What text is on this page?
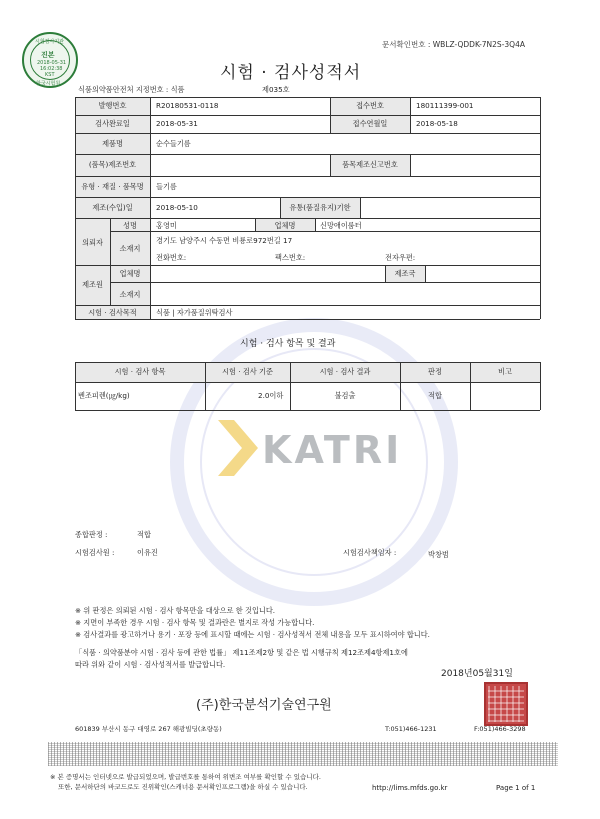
KATRI
시험검사기관
진본
2018-05-31
16:02:38
KST
한국시험원
문서확인번호 : WBLZ-QDDK-7N2S-3Q4A
시험 · 검사성적서
식품의약품안전처 지정번호 : 식품	제035호
발행번호	R20180531-0118	접수번호	180111399-001
검사완료일	2018-05-31	접수연월일	2018-05-18
제품명	순수들기름
(품목)제조번호	품목제조신고번호
유형 · 재질 · 품목명	들기름
제조(수입)일	2018-05-10	유통(품질유지)기한
의뢰자
성명	홍영미	업체명	신망애이룸터
소재지
경기도 남양주시 수동면 비룡로972번길 17
전화번호:	팩스번호:	전자우편:
제조원
업체명	제조국
소재지
시험 · 검사목적	식품 | 자가품질위탁검사
시험 · 검사 항목 및 결과
시험 · 검사 항목	시험 · 검사 기준	시험 · 검사 결과	판정	비고
벤조피렌(㎍/kg)	2.0이하	불검출	적합
종합판정 :	적합
시험검사원 :	이유진	시험검사책임자 :	박창범
※ 위 판정은 의뢰된 시험 · 검사 항목만을 대상으로 한 것입니다.
※ 지면이 부족한 경우 시험 · 검사 항목 및 결과란은 별지로 작성 가능합니다.
※ 검사결과를 광고하거나 용기 · 포장 등에 표시할 때에는 시험 · 검사성적서 전체 내용을 모두 표시하여야 합니다.
「식품 · 의약품분야 시험 · 검사 등에 관한 법률」 제11조제2항 및 같은 법 시행규칙 제12조제4항제1호에
따라 위와 같이 시험 · 검사성적서를 발급합니다.
2018년05월31일
(주)한국분석기술연구원
601839 부산시 동구 대영로 267 해광빌딩(초량동)	T:051)466-1231	F:051)466-3298
※ 본 증명서는 인터넷으로 발급되었으며, 발급번호를 통하여 위변조 여부를 확인할 수 있습니다.
또한, 문서하단의 바코드로도 진위확인(스캐너용 문서확인프로그램)을 하실 수 있습니다.	http://lims.mfds.go.kr	Page 1 of 1
